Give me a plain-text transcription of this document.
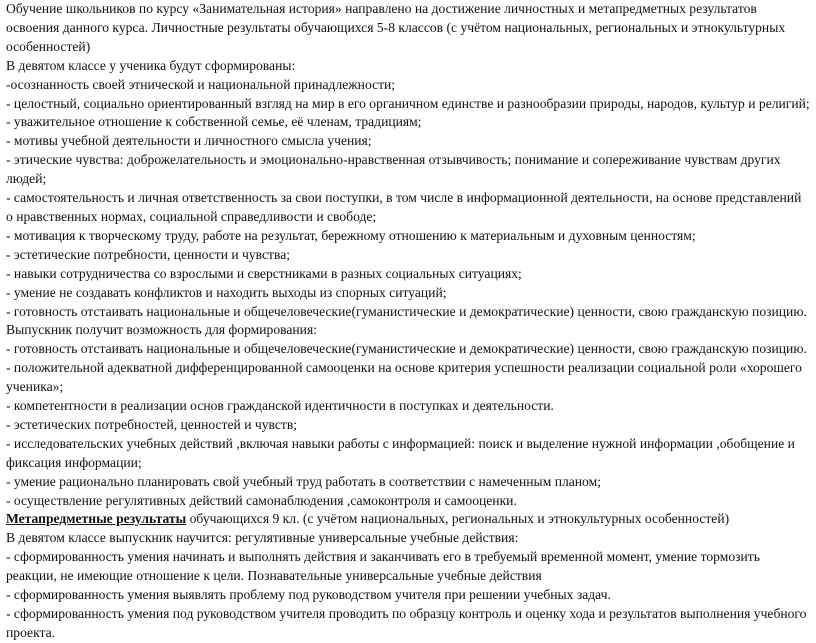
Обучение школьников по курсу «Занимательная история» направлено на достижение личностных и метапредметных результатов освоения данного курса. Личностные результаты обучающихся 5-8 классов (с учётом национальных, региональных и этнокультурных особенностей)

В девятом классе у ученика будут сформированы:

-осознанность своей этнической и национальной принадлежности;

- целостный, социально ориентированный взгляд на мир в его органичном единстве и разнообразии природы, народов, культур и религий;

- уважительное отношение к собственной семье, её членам, традициям;

- мотивы учебной деятельности и личностного смысла учения;

- этические чувства: доброжелательность и эмоционально-нравственная отзывчивость; понимание и сопереживание чувствам других людей;

- самостоятельность и личная ответственность за свои поступки, в том числе в информационной деятельности, на основе представлений о нравственных нормах, социальной справедливости и свободе;

- мотивация к творческому труду, работе на результат, бережному отношению к материальным и духовным ценностям;

- эстетические потребности, ценности и чувства;

- навыки сотрудничества со взрослыми и сверстниками в разных социальных ситуациях;

- умение не создавать конфликтов и находить выходы из спорных ситуаций;

- готовность отстаивать национальные и общечеловеческие(гуманистические и демократические) ценности, свою гражданскую позицию.

Выпускник получит возможность для формирования:

- готовность отстаивать национальные и общечеловеческие(гуманистические и демократические) ценности, свою гражданскую позицию.

- положительной адекватной дифференцированной самооценки на основе критерия успешности реализации социальной роли «хорошего ученика»;

- компетентности в реализации основ гражданской идентичности в поступках и деятельности.

- эстетических потребностей, ценностей и чувств;

- исследовательских учебных действий ,включая навыки работы с информацией: поиск и выделение нужной информации ,обобщение и фиксация информации;

- умение рационально планировать свой учебный труд работать в соответствии с намеченным планом;

- осуществление регулятивных действий самонаблюдения ,самоконтроля и самооценки.

Метапредметные результаты обучающихся 9 кл. (с учётом национальных, региональных и этнокультурных особенностей)

В девятом классе выпускник научится: регулятивные универсальные учебные действия:

- сформированность умения начинать и выполнять действия и заканчивать его в требуемый временной момент, умение тормозить реакции, не имеющие отношение к цели. Познавательные универсальные учебные действия

- сформированность умения выявлять проблему под руководством учителя при решении учебных задач.

- сформированность умения под руководством учителя проводить по образцу контроль и оценку хода и результатов выполнения учебного проекта.
